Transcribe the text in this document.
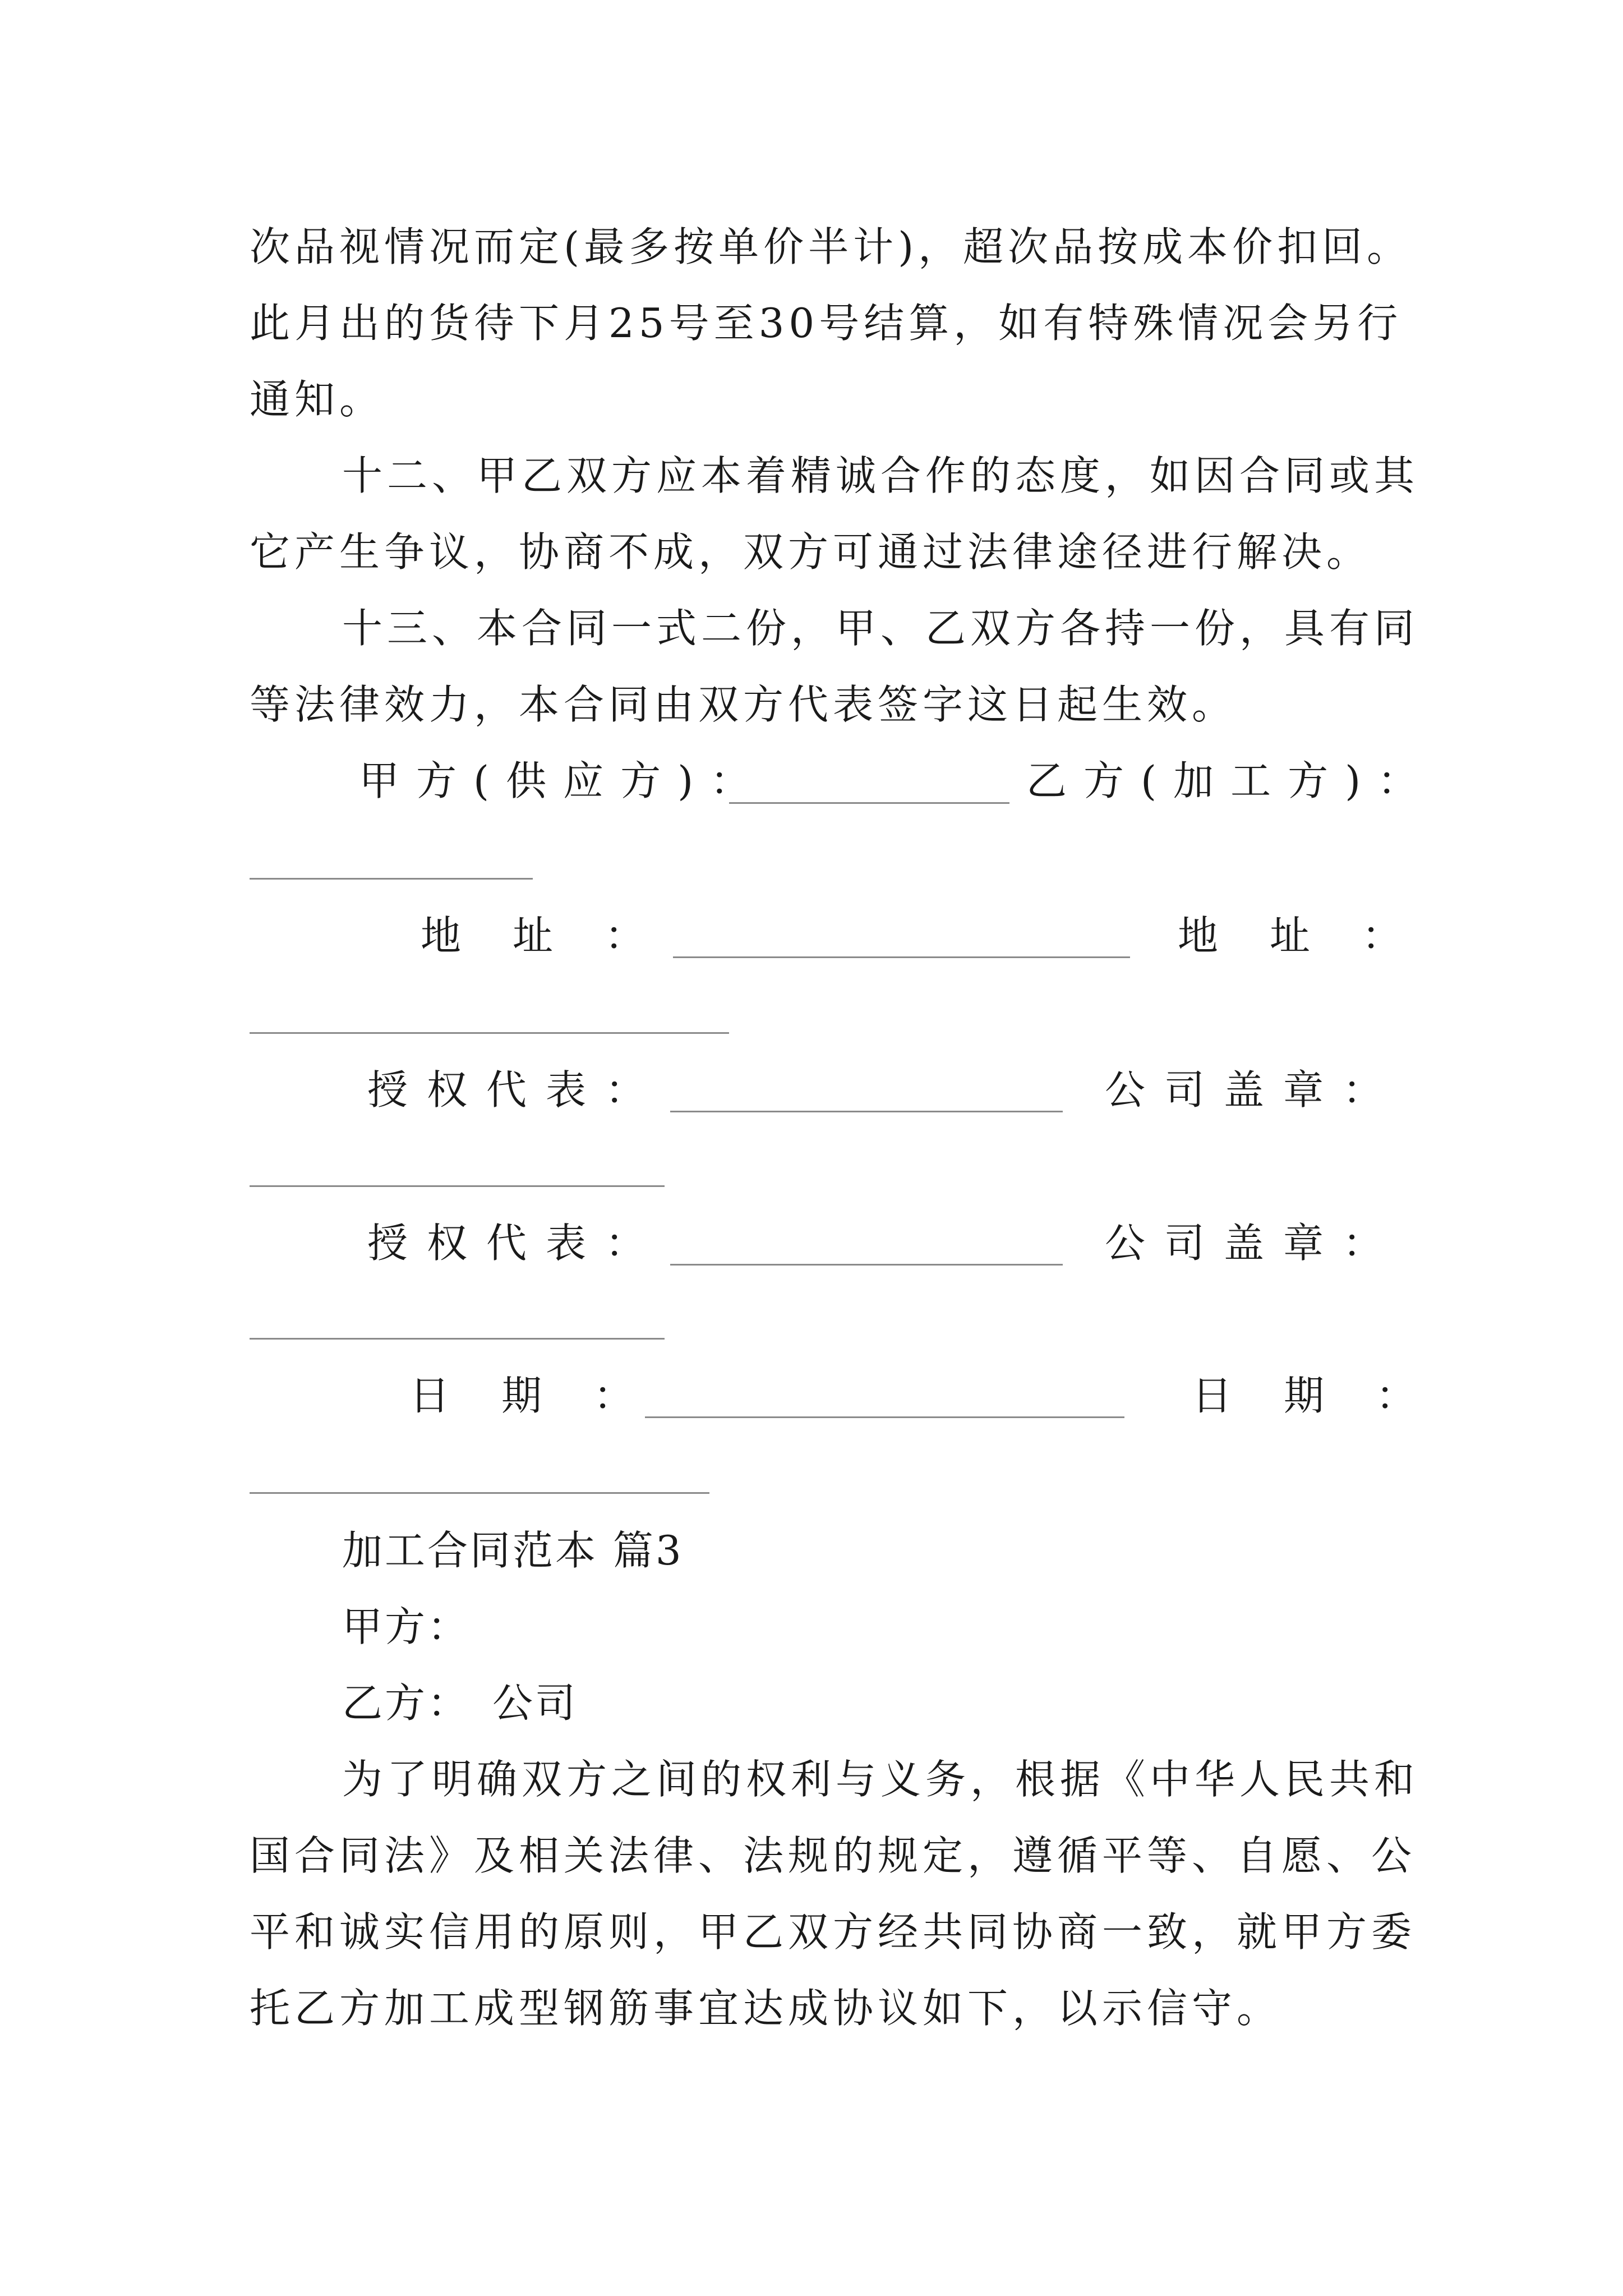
次品视情况而定(最多按单价半计)，超次品按成本价扣回。
此月出的货待下月25号至30号结算，如有特殊情况会另行
通知。
十二、甲乙双方应本着精诚合作的态度，如因合同或其
它产生争议，协商不成，双方可通过法律途径进行解决。
十三、本合同一式二份，甲、乙双方各持一份，具有同
等法律效力，本合同由双方代表签字这日起生效。
甲方(供应方)：	乙方(加工方)：
地　址　：	地　址　：
授权代表：	公司盖章：
授权代表：	公司盖章：
日　期　：	日　期　：
加工合同范本 篇3
甲方：
乙方：　公司
为了明确双方之间的权利与义务，根据《中华人民共和
国合同法》及相关法律、法规的规定，遵循平等、自愿、公
平和诚实信用的原则，甲乙双方经共同协商一致，就甲方委
托乙方加工成型钢筋事宜达成协议如下，以示信守。
